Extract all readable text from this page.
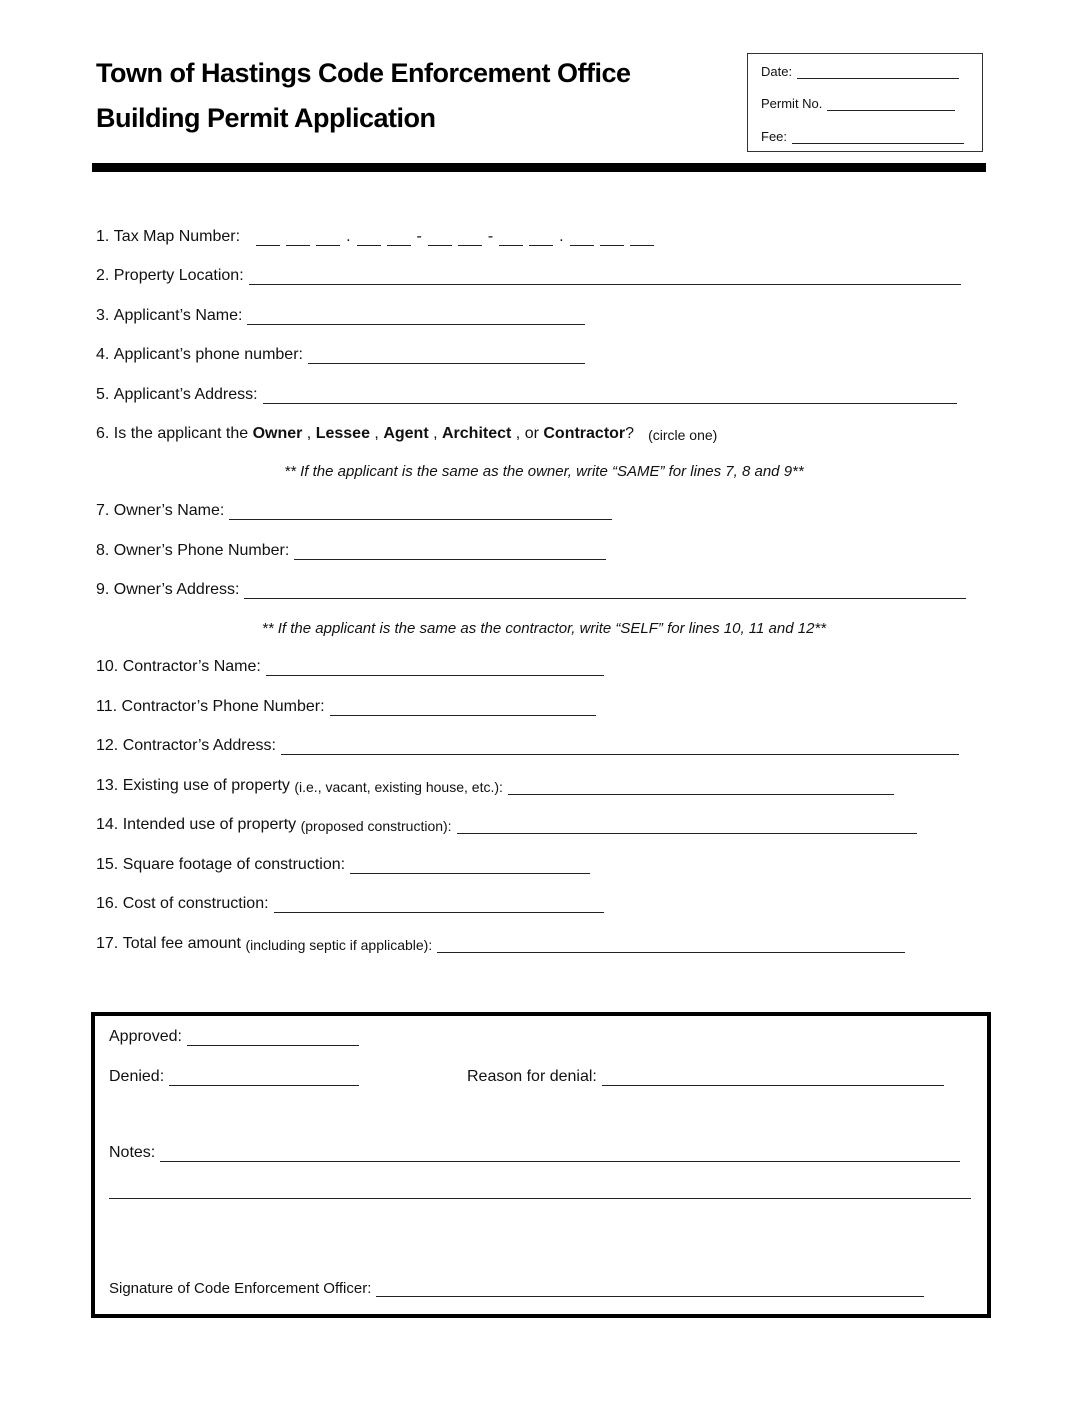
Town of Hastings Code Enforcement Office
Building Permit Application
Date:
Permit No.
Fee:
1.
Tax Map Number:	.	-	-	.
2.
Property Location:
3.
Applicant’s Name:
4.
Applicant’s phone number:
5.
Applicant’s Address:
6.
Is the applicant the
Owner , Lessee , Agent , Architect , or
Contractor ? (circle one)
** If the applicant is the same as the owner, write “SAME” for lines 7, 8 and 9**
7.
Owner’s Name:
8.
Owner’s Phone Number:
9.
Owner’s Address:
** If the applicant is the same as the contractor, write “SELF” for lines 10, 11 and 12**
10.
Contractor’s Name:
11.
Contractor’s Phone Number:
12.
Contractor’s Address:
13.
Existing use of property
(i.e., vacant, existing house, etc.):
14.
Intended use of property
(proposed construction):
15.
Square footage of construction:
16.
Cost of construction:
17.
Total fee amount
(including septic if applicable):
Approved:
Denied:	Reason for denial:
Notes:
Signature of Code Enforcement Officer:
